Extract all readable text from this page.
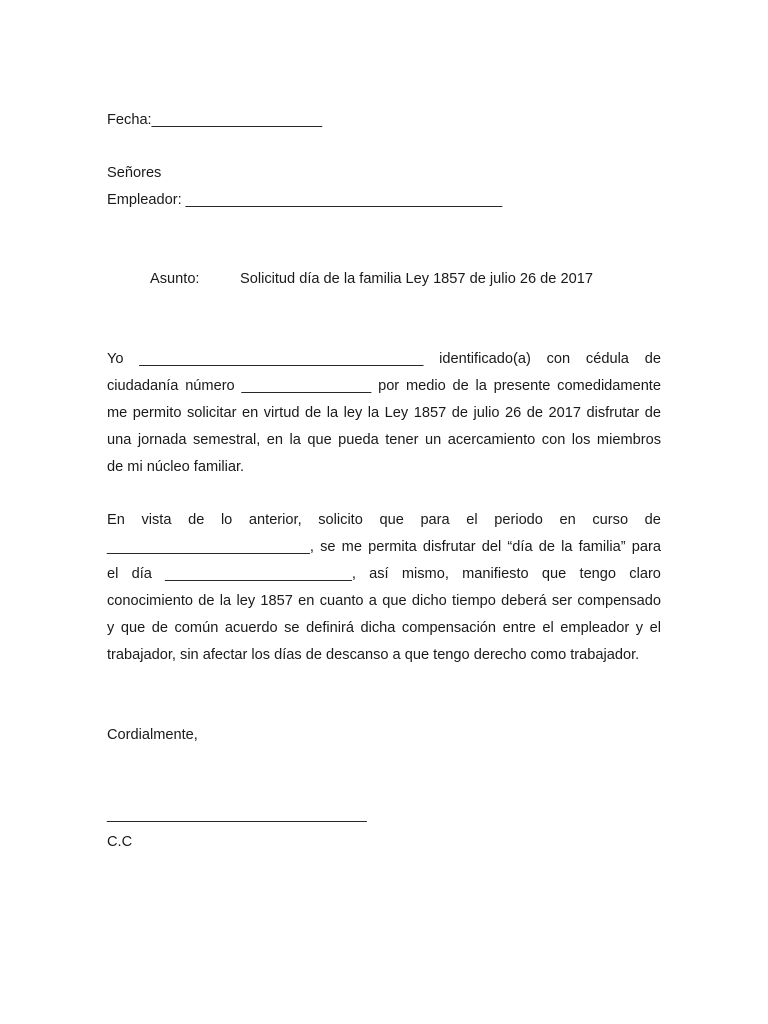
Fecha:_____________________
Señores
Empleador: _______________________________________
Asunto:	Solicitud día de la familia Ley 1857 de julio 26 de 2017
Yo ___________________________________ identificado(a) con cédula de
ciudadanía número ________________ por medio de la presente comedidamente
me permito solicitar en virtud de la ley la Ley 1857 de julio 26 de 2017 disfrutar de
una jornada semestral, en la que pueda tener un acercamiento con los miembros
de mi núcleo familiar.
En vista de lo anterior, solicito que para el periodo en curso de
_________________________, se me permita disfrutar del “día de la familia” para
el día _______________________, así mismo, manifiesto que tengo claro
conocimiento de la ley 1857 en cuanto a que dicho tiempo deberá ser compensado
y que de común acuerdo se definirá dicha compensación entre el empleador y el
trabajador, sin afectar los días de descanso a que tengo derecho como trabajador.
Cordialmente,
________________________________
C.C
